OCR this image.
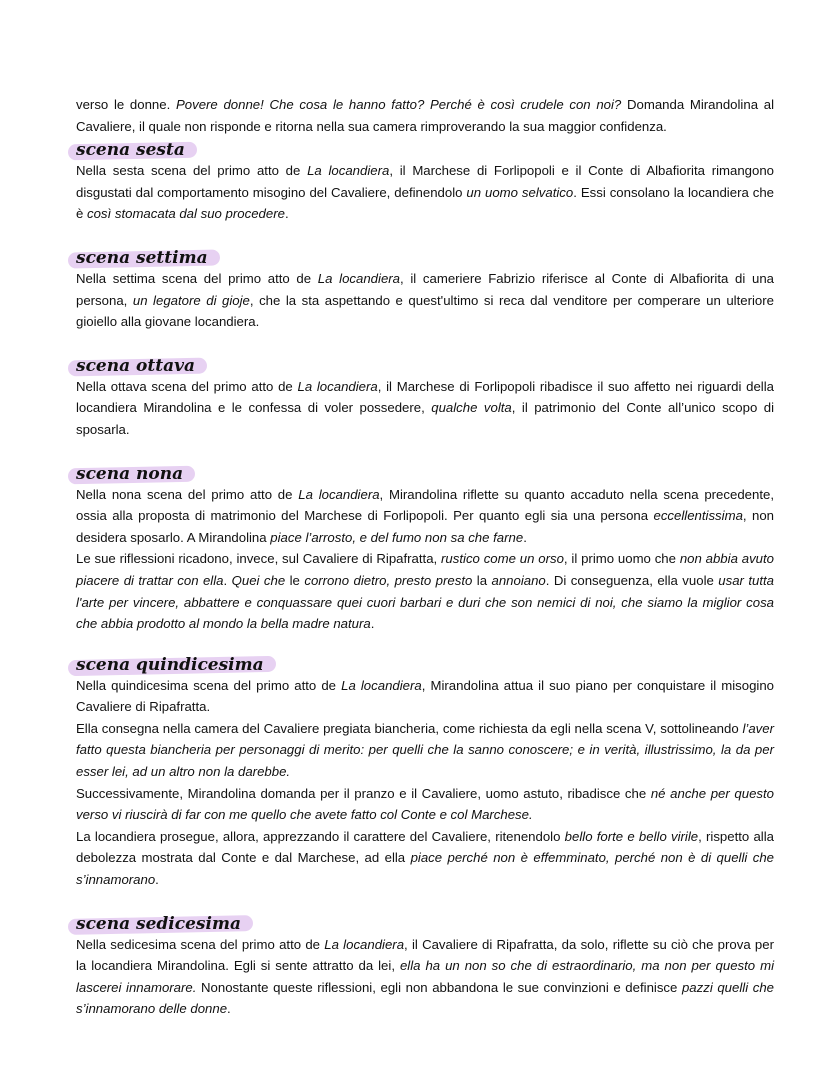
verso le donne. Povere donne! Che cosa le hanno fatto? Perché è così crudele con noi? Domanda Mirandolina al Cavaliere, il quale non risponde e ritorna nella sua camera rimproverando la sua maggior confidenza.
scena sesta
Nella sesta scena del primo atto de La locandiera, il Marchese di Forlipopoli e il Conte di Albafiorita rimangono disgustati dal comportamento misogino del Cavaliere, definendolo un uomo selvatico. Essi consolano la locandiera che è così stomacata dal suo procedere.
scena settima
Nella settima scena del primo atto de La locandiera, il cameriere Fabrizio riferisce al Conte di Albafiorita di una persona, un legatore di gioje, che la sta aspettando e quest'ultimo si reca dal venditore per comperare un ulteriore gioiello alla giovane locandiera.
scena ottava
Nella ottava scena del primo atto de La locandiera, il Marchese di Forlipopoli ribadisce il suo affetto nei riguardi della locandiera Mirandolina e le confessa di voler possedere, qualche volta, il patrimonio del Conte all’unico scopo di sposarla.
scena nona
Nella nona scena del primo atto de La locandiera, Mirandolina riflette su quanto accaduto nella scena precedente, ossia alla proposta di matrimonio del Marchese di Forlipopoli. Per quanto egli sia una persona eccellentissima, non desidera sposarlo. A Mirandolina piace l’arrosto, e del fumo non sa che farne.
Le sue riflessioni ricadono, invece, sul Cavaliere di Ripafratta, rustico come un orso, il primo uomo che non abbia avuto piacere di trattar con ella. Quei che le corrono dietro, presto presto la annoiano. Di conseguenza, ella vuole usar tutta l'arte per vincere, abbattere e conquassare quei cuori barbari e duri che son nemici di noi, che siamo la miglior cosa che abbia prodotto al mondo la bella madre natura.
scena quindicesima
Nella quindicesima scena del primo atto de La locandiera, Mirandolina attua il suo piano per conquistare il misogino Cavaliere di Ripafratta.
Ella consegna nella camera del Cavaliere pregiata biancheria, come richiesta da egli nella scena V, sottolineando l’aver fatto questa biancheria per personaggi di merito: per quelli che la sanno conoscere; e in verità, illustrissimo, la da per esser lei, ad un altro non la darebbe.
Successivamente, Mirandolina domanda per il pranzo e il Cavaliere, uomo astuto, ribadisce che né anche per questo verso vi riuscirà di far con me quello che avete fatto col Conte e col Marchese.
La locandiera prosegue, allora, apprezzando il carattere del Cavaliere, ritenendolo bello forte e bello virile, rispetto alla debolezza mostrata dal Conte e dal Marchese, ad ella piace perché non è effemminato, perché non è di quelli che s’innamorano.
scena sedicesima
Nella sedicesima scena del primo atto de La locandiera, il Cavaliere di Ripafratta, da solo, riflette su ciò che prova per la locandiera Mirandolina. Egli si sente attratto da lei, ella ha un non so che di estraordinario, ma non per questo mi lascerei innamorare. Nonostante queste riflessioni, egli non abbandona le sue convinzioni e definisce pazzi quelli che s’innamorano delle donne.
